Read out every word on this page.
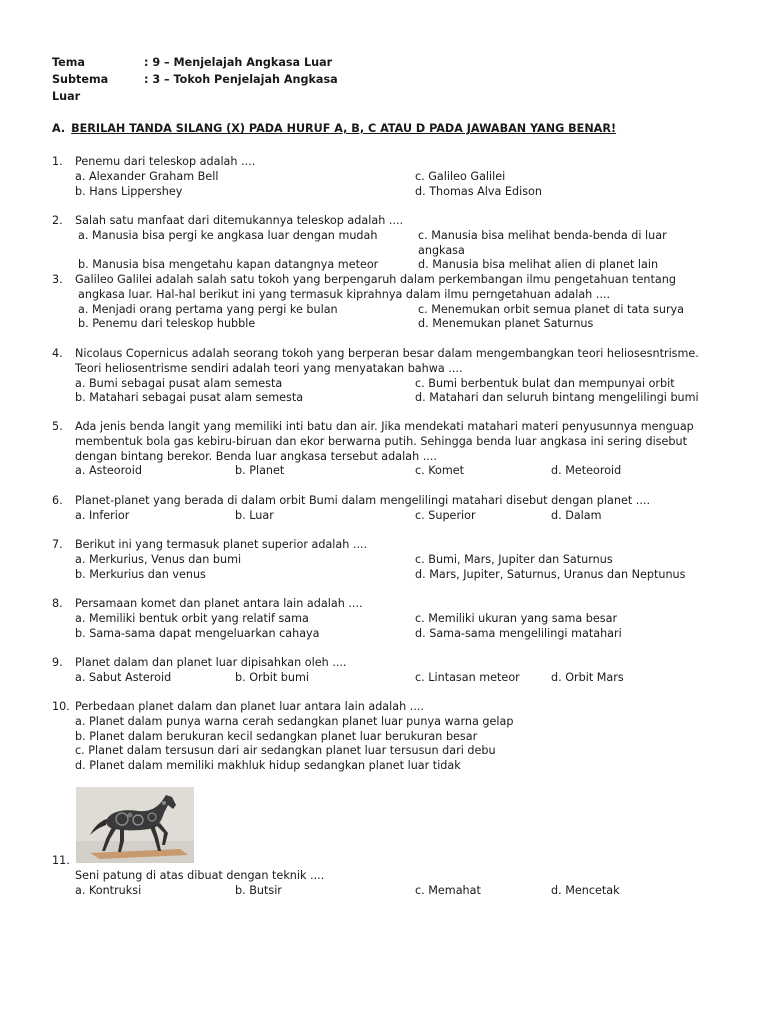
Tema	: 9 – Menjelajah Angkasa Luar
Subtema	: 3 – Tokoh Penjelajah Angkasa
Luar
A. BERILAH TANDA SILANG (X) PADA HURUF A, B, C ATAU D PADA JAWABAN YANG BENAR!
1. Penemu dari teleskop adalah ....
a. Alexander Graham Bell	c. Galileo Galilei
b. Hans Lippershey	d. Thomas Alva Edison
2. Salah satu manfaat dari ditemukannya teleskop adalah ....
a. Manusia bisa pergi ke angkasa luar dengan mudah	c. Manusia bisa melihat benda-benda di luar angkasa
b. Manusia bisa mengetahu kapan datangnya meteor	d. Manusia bisa melihat alien di planet lain
3. Galileo Galilei adalah salah satu tokoh yang berpengaruh dalam perkembangan ilmu pengetahuan tentang
angkasa luar. Hal-hal berikut ini yang termasuk kiprahnya dalam ilmu perngetahuan adalah ....
a. Menjadi orang pertama yang pergi ke bulan	c. Menemukan orbit semua planet di tata surya
b. Penemu dari teleskop hubble	d. Menemukan planet Saturnus
4. Nicolaus Copernicus adalah seorang tokoh yang berperan besar dalam mengembangkan teori heliosesntrisme.
Teori heliosentrisme sendiri adalah teori yang menyatakan bahwa ....
a. Bumi sebagai pusat alam semesta	c. Bumi berbentuk bulat dan mempunyai orbit
b. Matahari sebagai pusat alam semesta	d. Matahari dan seluruh bintang mengelilingi bumi
5. Ada jenis benda langit yang memiliki inti batu dan air. Jika mendekati matahari materi penyusunnya menguap
membentuk bola gas kebiru-biruan dan ekor berwarna putih. Sehingga benda luar angkasa ini sering disebut
dengan bintang berekor. Benda luar angkasa tersebut adalah ....
a. Asteoroid	b. Planet	c. Komet	d. Meteoroid
6. Planet-planet yang berada di dalam orbit Bumi dalam mengelilingi matahari disebut dengan planet ....
a. Inferior	b. Luar	c. Superior	d. Dalam
7. Berikut ini yang termasuk planet superior adalah ....
a. Merkurius, Venus dan bumi	c. Bumi, Mars, Jupiter dan Saturnus
b. Merkurius dan venus	d. Mars, Jupiter, Saturnus, Uranus dan Neptunus
8. Persamaan komet dan planet antara lain adalah ....
a. Memiliki bentuk orbit yang relatif sama	c. Memiliki ukuran yang sama besar
b. Sama-sama dapat mengeluarkan cahaya	d. Sama-sama mengelilingi matahari
9. Planet dalam dan planet luar dipisahkan oleh ....
a. Sabut Asteroid	b. Orbit bumi	c. Lintasan meteor	d. Orbit Mars
10. Perbedaan planet dalam dan planet luar antara lain adalah ....
a. Planet dalam punya warna cerah sedangkan planet luar punya warna gelap
b. Planet dalam berukuran kecil sedangkan planet luar berukuran besar
c. Planet dalam tersusun dari air sedangkan planet luar tersusun dari debu
d. Planet dalam memiliki makhluk hidup sedangkan planet luar tidak
11.
Seni patung di atas dibuat dengan teknik ....
a. Kontruksi	b. Butsir	c. Memahat	d. Mencetak
